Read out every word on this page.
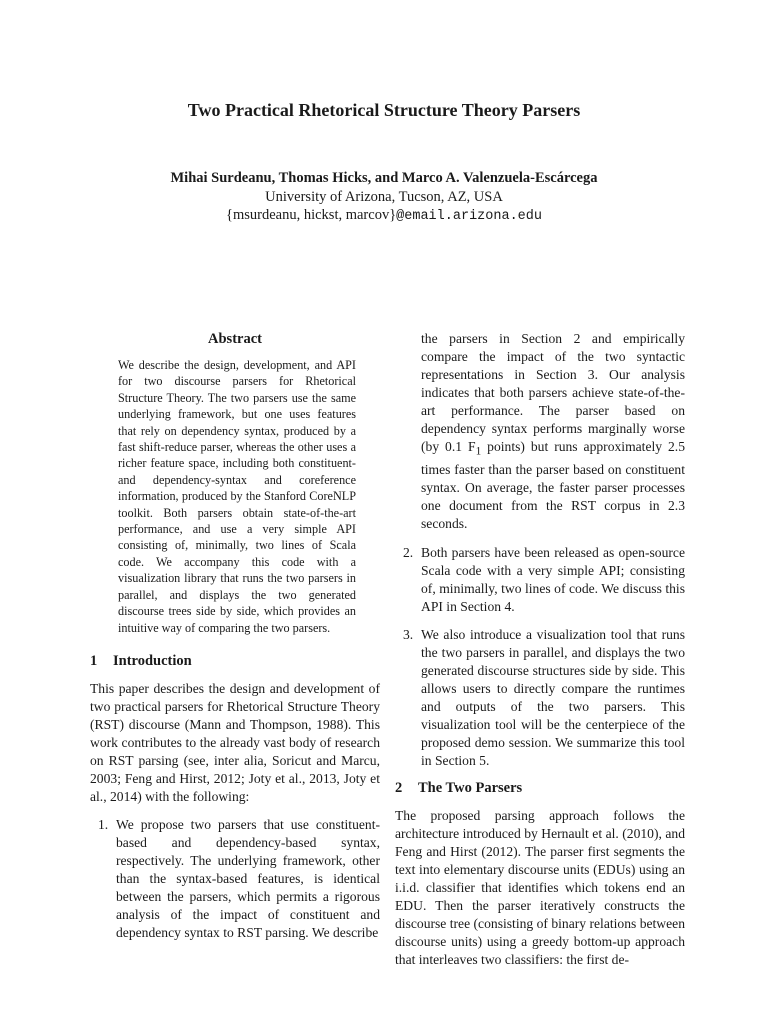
Two Practical Rhetorical Structure Theory Parsers
Mihai Surdeanu, Thomas Hicks, and Marco A. Valenzuela-Escárcega
University of Arizona, Tucson, AZ, USA
{msurdeanu, hickst, marcov}@email.arizona.edu
Abstract

We describe the design, development, and API for two discourse parsers for Rhetorical Structure Theory. The two parsers use the same underlying framework, but one uses features that rely on dependency syntax, produced by a fast shift-reduce parser, whereas the other uses a richer feature space, including both constituent- and dependency-syntax and coreference information, produced by the Stanford CoreNLP toolkit. Both parsers obtain state-of-the-art performance, and use a very simple API consisting of, minimally, two lines of Scala code. We accompany this code with a visualization library that runs the two parsers in parallel, and displays the two generated discourse trees side by side, which provides an intuitive way of comparing the two parsers.

1 Introduction

This paper describes the design and development of two practical parsers for Rhetorical Structure Theory (RST) discourse (Mann and Thompson, 1988). This work contributes to the already vast body of research on RST parsing (see, inter alia, Soricut and Marcu, 2003; Feng and Hirst, 2012; Joty et al., 2013, Joty et al., 2014) with the following:

1. We propose two parsers that use constituent-based and dependency-based syntax, respectively. The underlying framework, other than the syntax-based features, is identical between the parsers, which permits a rigorous analysis of the impact of constituent and dependency syntax to RST parsing. We describe

the parsers in Section 2 and empirically compare the impact of the two syntactic representations in Section 3. Our analysis indicates that both parsers achieve state-of-the-art performance. The parser based on dependency syntax performs marginally worse (by 0.1 $F_1$ points) but runs approximately 2.5 times faster than the parser based on constituent syntax. On average, the faster parser processes one document from the RST corpus in 2.3 seconds.

2. Both parsers have been released as open-source Scala code with a very simple API; consisting of, minimally, two lines of code. We discuss this API in Section 4.
3. We also introduce a visualization tool that runs the two parsers in parallel, and displays the two generated discourse structures side by side. This allows users to directly compare the runtimes and outputs of the two parsers. This visualization tool will be the centerpiece of the proposed demo session. We summarize this tool in Section 5.
2 The Two Parsers

The proposed parsing approach follows the architecture introduced by Hernault et al. (2010), and Feng and Hirst (2012). The parser first segments the text into elementary discourse units (EDUs) using an i.i.d. classifier that identifies which tokens end an EDU. Then the parser iteratively constructs the discourse tree (consisting of binary relations between discourse units) using a greedy bottom-up approach that interleaves two classifiers: the first de-
